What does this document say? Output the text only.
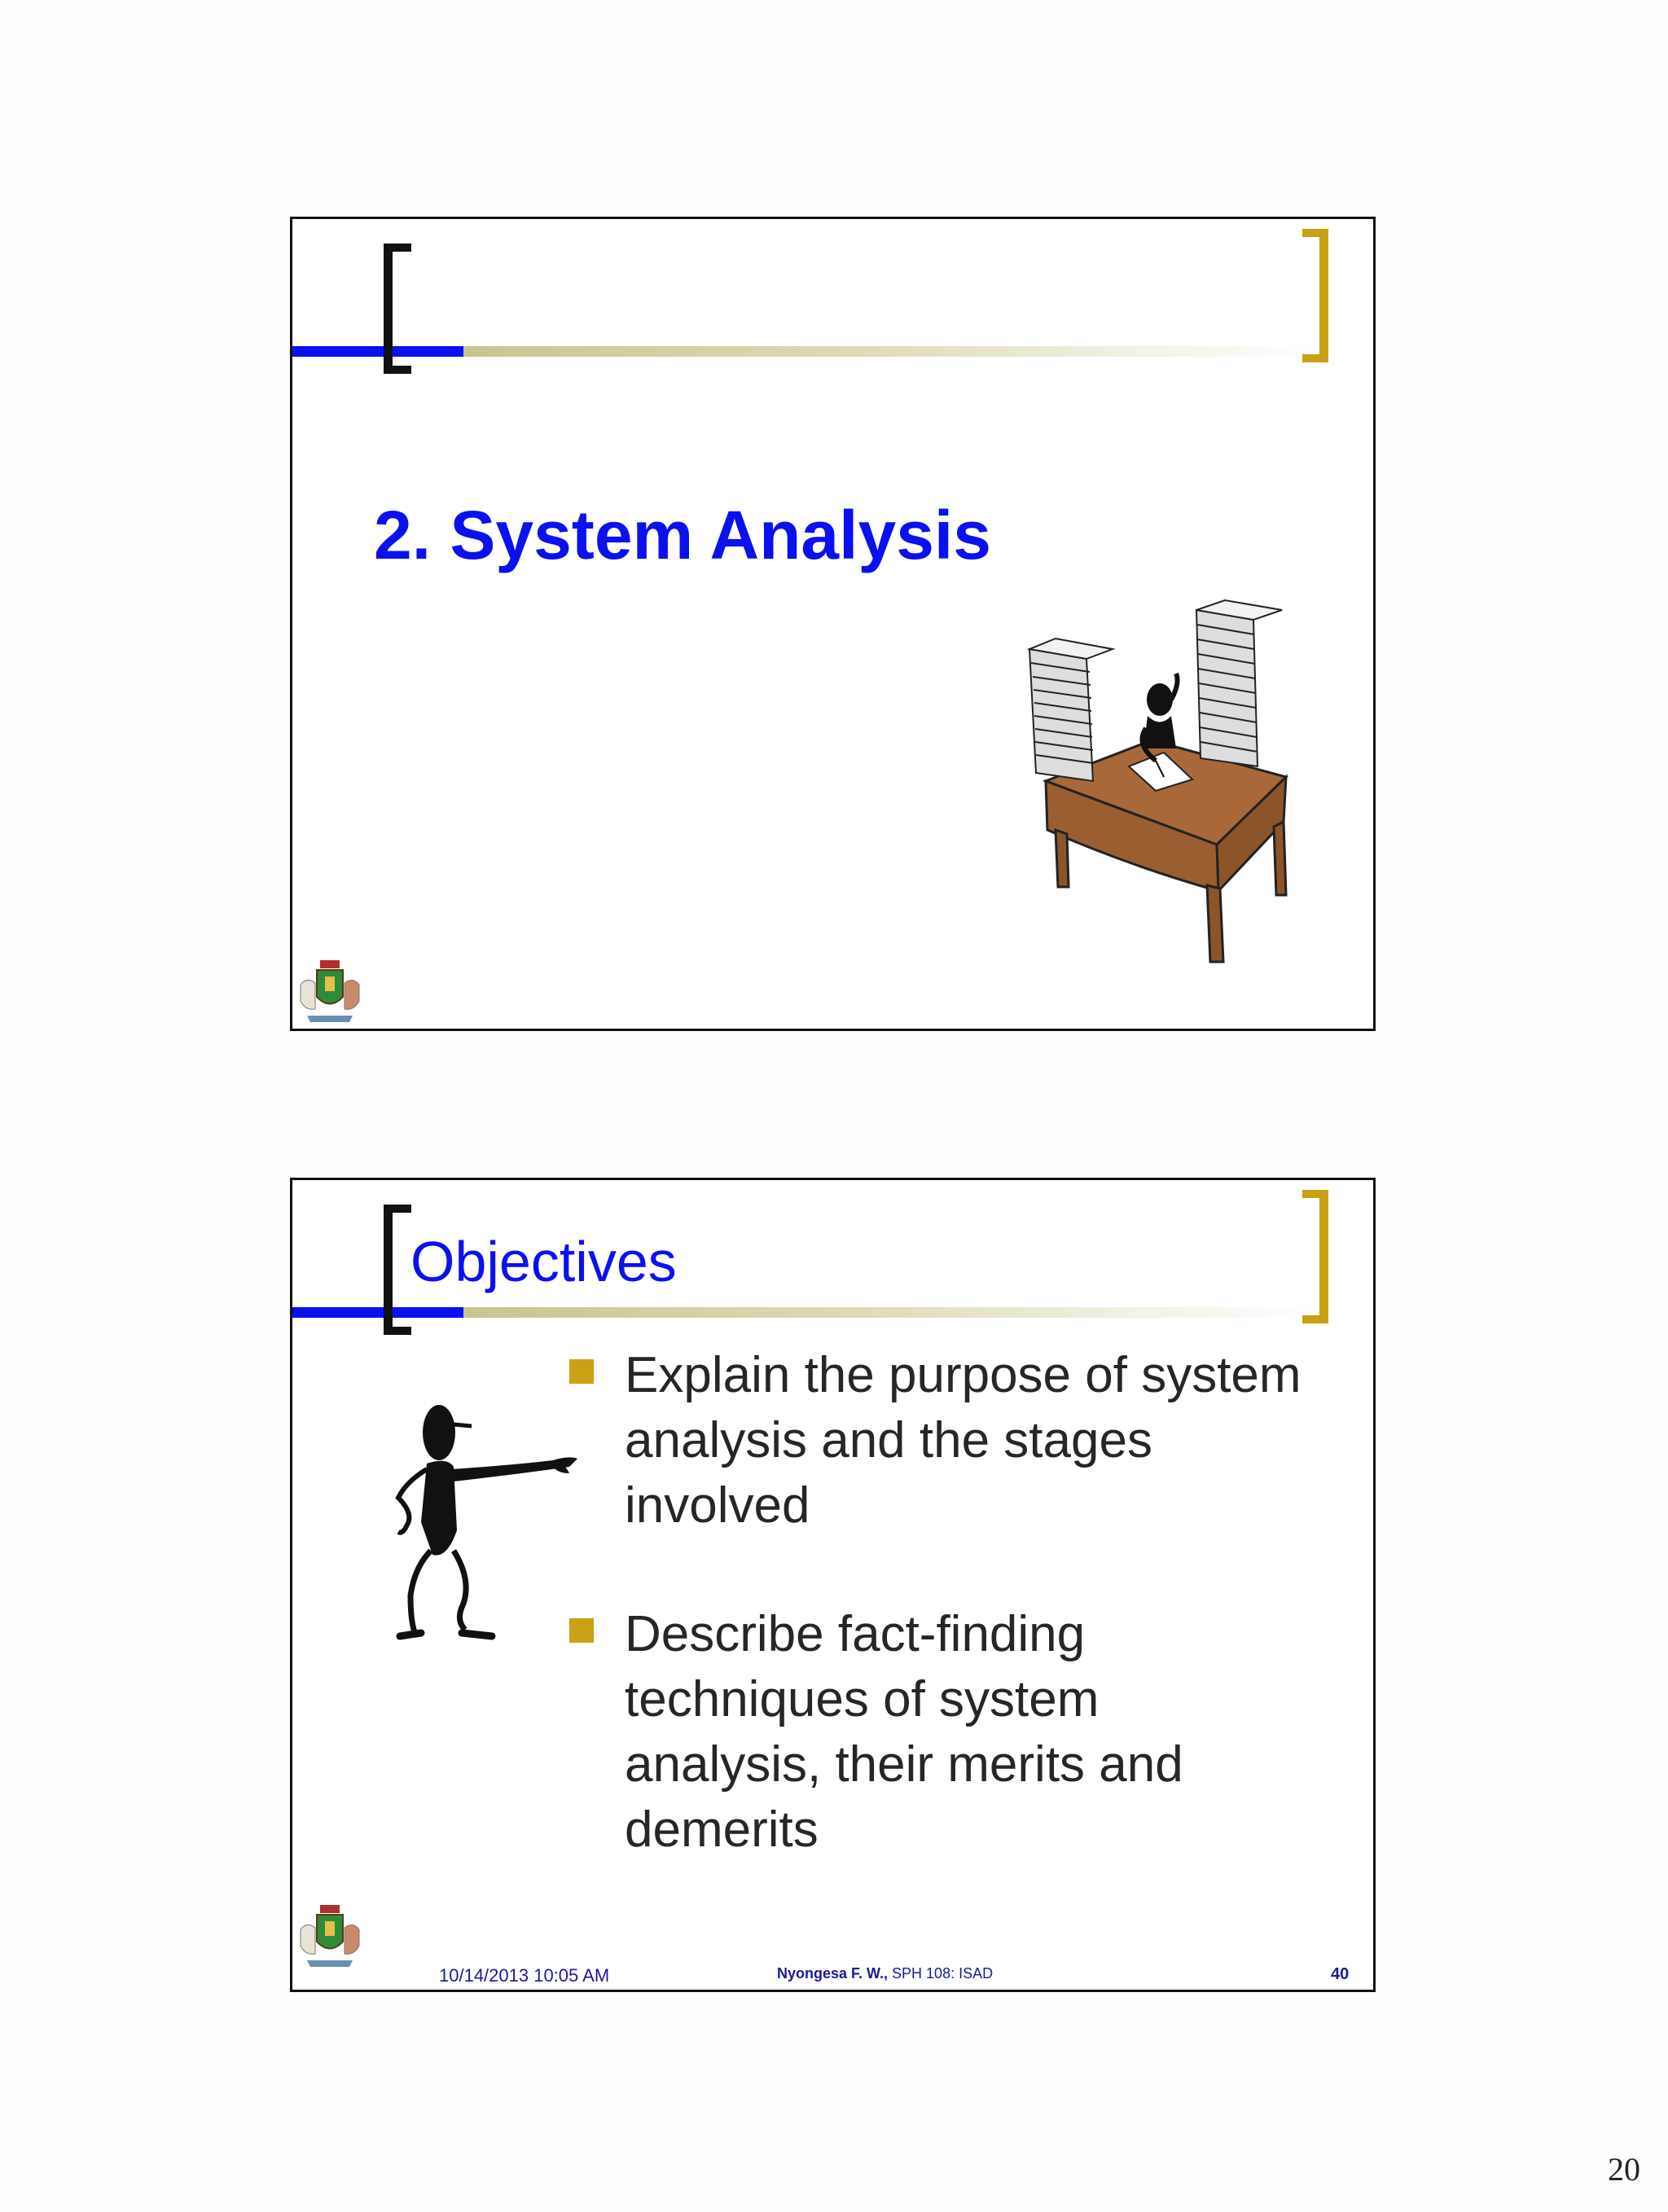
2. System Analysis
Objectives
Explain the purpose of system analysis and the stages involved
Describe fact-finding techniques of system analysis, their merits and demerits
10/14/2013 10:05 AM	Nyongesa F. W., SPH 108: ISAD	40
20
